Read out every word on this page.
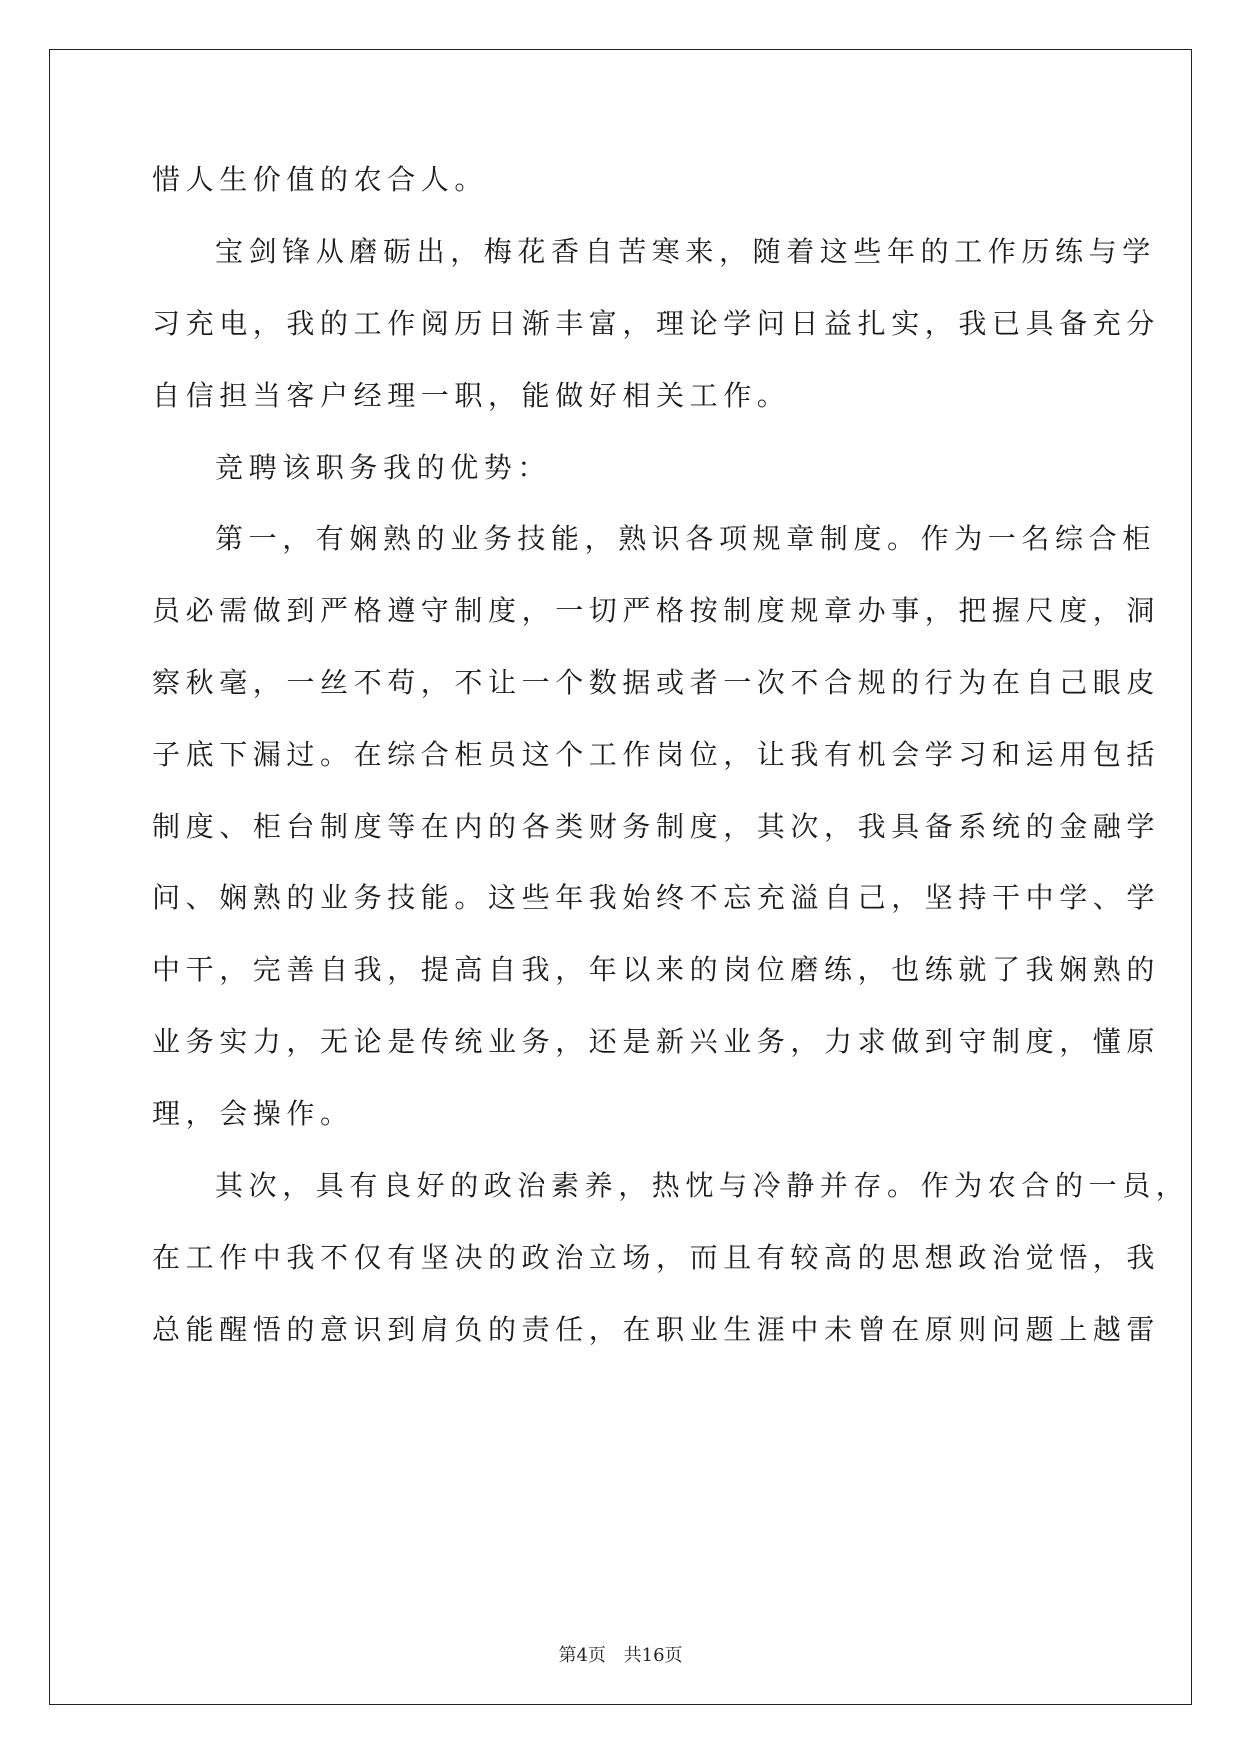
惜人生价值的农合人。
宝剑锋从磨砺出，梅花香自苦寒来，随着这些年的工作历练与学
习充电，我的工作阅历日渐丰富，理论学问日益扎实，我已具备充分
自信担当客户经理一职，能做好相关工作。
竞聘该职务我的优势：
第一，有娴熟的业务技能，熟识各项规章制度。作为一名综合柜
员必需做到严格遵守制度，一切严格按制度规章办事，把握尺度，洞
察秋毫，一丝不苟，不让一个数据或者一次不合规的行为在自己眼皮
子底下漏过。在综合柜员这个工作岗位，让我有机会学习和运用包括
制度、柜台制度等在内的各类财务制度，其次，我具备系统的金融学
问、娴熟的业务技能。这些年我始终不忘充溢自己，坚持干中学、学
中干，完善自我，提高自我，年以来的岗位磨练，也练就了我娴熟的
业务实力，无论是传统业务，还是新兴业务，力求做到守制度，懂原
理，会操作。
其次，具有良好的政治素养，热忱与冷静并存。作为农合的一员，
在工作中我不仅有坚决的政治立场，而且有较高的思想政治觉悟，我
总能醒悟的意识到肩负的责任，在职业生涯中未曾在原则问题上越雷
第4页 共16页
